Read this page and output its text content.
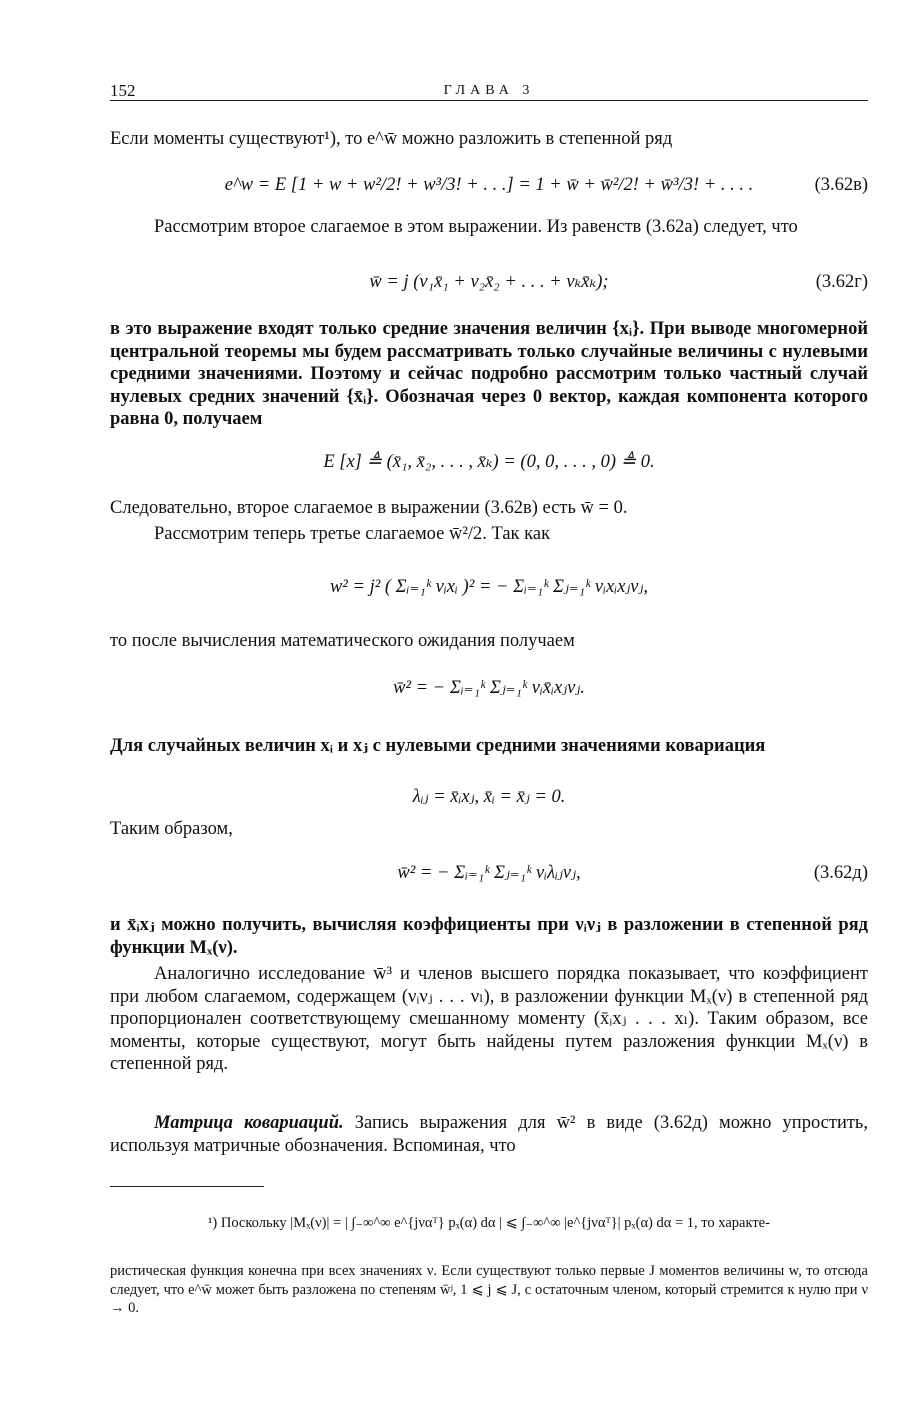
152	ГЛАВА 3

Если моменты существуют¹), то e^w̄ можно разложить в степенной ряд

e^w = E [1 + w + w²/2! + w³/3! + . . .] = 1 + w̄ + w̄²/2! + w̄³/3! + . . . .	(3.62в)

Рассмотрим второе слагаемое в этом выражении. Из равенств (3.62а) следует, что

w̄ = j (ν₁x̄₁ + ν₂x̄₂ + . . . + νₖx̄ₖ);	(3.62г)

в это выражение входят только средние значения величин {xᵢ}. При выводе многомерной центральной теоремы мы будем рассматривать только случайные величины с нулевыми средними значениями. Поэтому и сейчас подробно рассмотрим только частный случай нулевых средних значений {x̄ᵢ}. Обозначая через 0 вектор, каждая компонента которого равна 0, получаем

E [x] ≜ (x̄₁, x̄₂, . . . , x̄ₖ) = (0, 0, . . . , 0) ≜ 0.

Следовательно, второе слагаемое в выражении (3.62в) есть w̄ = 0.

Рассмотрим теперь третье слагаемое w̄²/2. Так как

w² = j² ( Σᵢ₌₁ᵏ νᵢxᵢ )² = − Σᵢ₌₁ᵏ Σⱼ₌₁ᵏ νᵢxᵢxⱼνⱼ,

то после вычисления математического ожидания получаем

w̄² = − Σᵢ₌₁ᵏ Σⱼ₌₁ᵏ νᵢx̄ᵢxⱼνⱼ.

Для случайных величин xᵢ и xⱼ с нулевыми средними значениями ковариация

λᵢⱼ = x̄ᵢxⱼ, x̄ᵢ = x̄ⱼ = 0.

Таким образом,

w̄² = − Σᵢ₌₁ᵏ Σⱼ₌₁ᵏ νᵢλᵢⱼνⱼ,	(3.62д)

и x̄ᵢxⱼ можно получить, вычисляя коэффициенты при νᵢνⱼ в разложении в степенной ряд функции Mₓ(ν).

Аналогично исследование w̄³ и членов высшего порядка показывает, что коэффициент при любом слагаемом, содержащем (νᵢνⱼ . . . νₗ), в разложении функции Mₓ(ν) в степенной ряд пропорционален соответствующему смешанному моменту (x̄ᵢxⱼ . . . xₗ). Таким образом, все моменты, которые существуют, могут быть найдены путем разложения функции Mₓ(ν) в степенной ряд.

Матрица ковариаций. Запись выражения для w̄² в виде (3.62д) можно упростить, используя матричные обозначения. Вспоминая, что

¹) Поскольку |Mₓ(ν)| = | ∫₋∞^∞ e^{jναᵀ} pₓ(α) dα | ⩽ ∫₋∞^∞ |e^{jναᵀ}| pₓ(α) dα = 1, то характе-

ристическая функция конечна при всех значениях ν. Если существуют только первые J моментов величины w, то отсюда следует, что e^w̄ может быть разложена по степеням w̄ʲ, 1 ⩽ j ⩽ J, с остаточным членом, который стремится к нулю при ν → 0.
